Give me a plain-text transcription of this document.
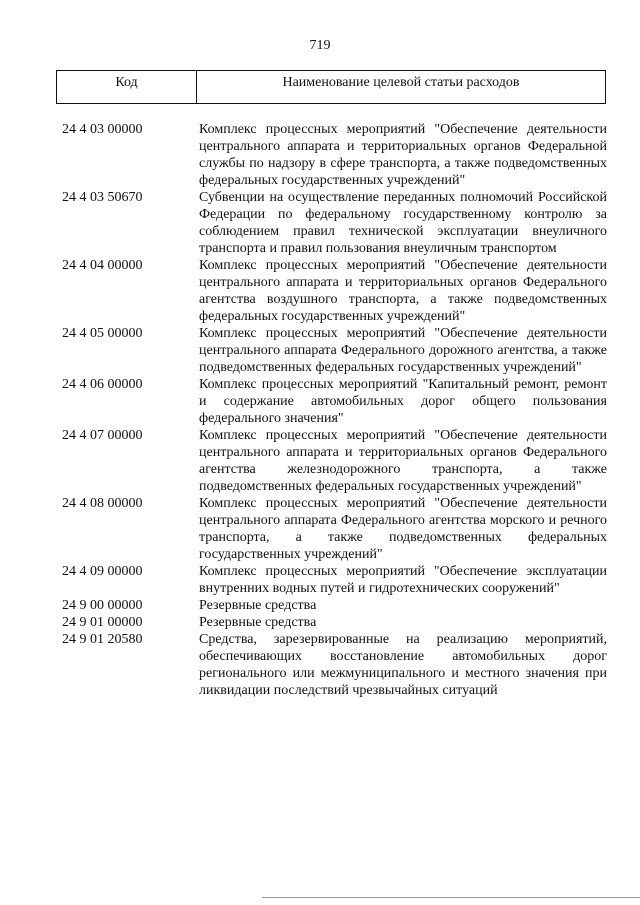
719
Код	Наименование целевой статьи расходов
24 4 03 00000	Комплекс процессных мероприятий "Обеспечение деятельности центрального аппарата и территориальных органов Федеральной службы по надзору в сфере транспорта, а также подведомственных федеральных государственных учреждений"
24 4 03 50670	Субвенции на осуществление переданных полномочий Российской Федерации по федеральному государственному контролю за соблюдением правил технической эксплуатации внеуличного транспорта и правил пользования внеуличным транспортом
24 4 04 00000	Комплекс процессных мероприятий "Обеспечение деятельности центрального аппарата и территориальных органов Федерального агентства воздушного транспорта, а также подведомственных федеральных государственных учреждений"
24 4 05 00000	Комплекс процессных мероприятий "Обеспечение деятельности центрального аппарата Федерального дорожного агентства, а также подведомственных федеральных государственных учреждений"
24 4 06 00000	Комплекс процессных мероприятий "Капитальный ремонт, ремонт и содержание автомобильных дорог общего пользования федерального значения"
24 4 07 00000	Комплекс процессных мероприятий "Обеспечение деятельности центрального аппарата и территориальных органов Федерального агентства железнодорожного транспорта, а также подведомственных федеральных государственных учреждений"
24 4 08 00000	Комплекс процессных мероприятий "Обеспечение деятельности центрального аппарата Федерального агентства морского и речного транспорта, а также подведомственных федеральных государственных учреждений"
24 4 09 00000	Комплекс процессных мероприятий "Обеспечение эксплуатации внутренних водных путей и гидротехнических сооружений"
24 9 00 00000	Резервные средства
24 9 01 00000	Резервные средства
24 9 01 20580	Средства, зарезервированные на реализацию мероприятий, обеспечивающих восстановление автомобильных дорог регионального или межмуниципального и местного значения при ликвидации последствий чрезвычайных ситуаций
